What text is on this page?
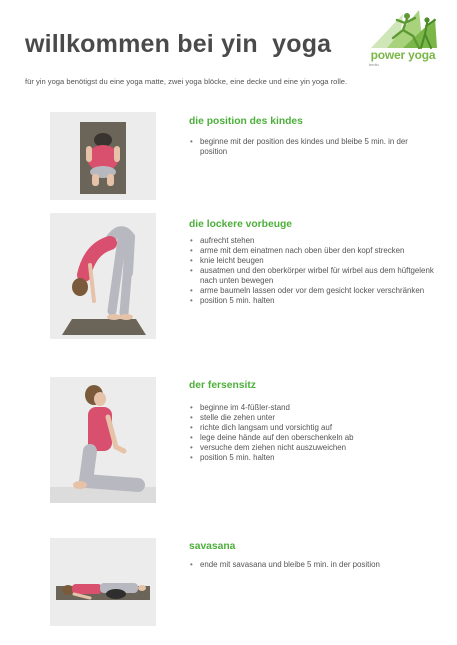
willkommen bei yin  yoga

für yin yoga benötigst du eine yoga matte, zwei yoga blöcke, eine decke und eine yin yoga rolle.

power yoga
berlin
die position des kindes
• beginne mit der position des kindes und bleibe 5 min. in der position
die lockere vorbeuge
• aufrecht stehen
• arme mit dem einatmen nach oben über den kopf strecken
• knie leicht beugen
• ausatmen und den oberkörper wirbel für wirbel aus dem hüftgelenk nach unten bewegen
• arme baumeln lassen oder vor dem gesicht locker verschränken
• position 5 min. halten
der fersensitz
• beginne im 4-füßler-stand
• stelle die zehen unter
• richte dich langsam und vorsichtig auf
• lege deine hände auf den oberschenkeln ab
• versuche dem ziehen nicht auszuweichen
• position 5 min. halten
savasana
• ende mit savasana und bleibe 5 min. in der position
